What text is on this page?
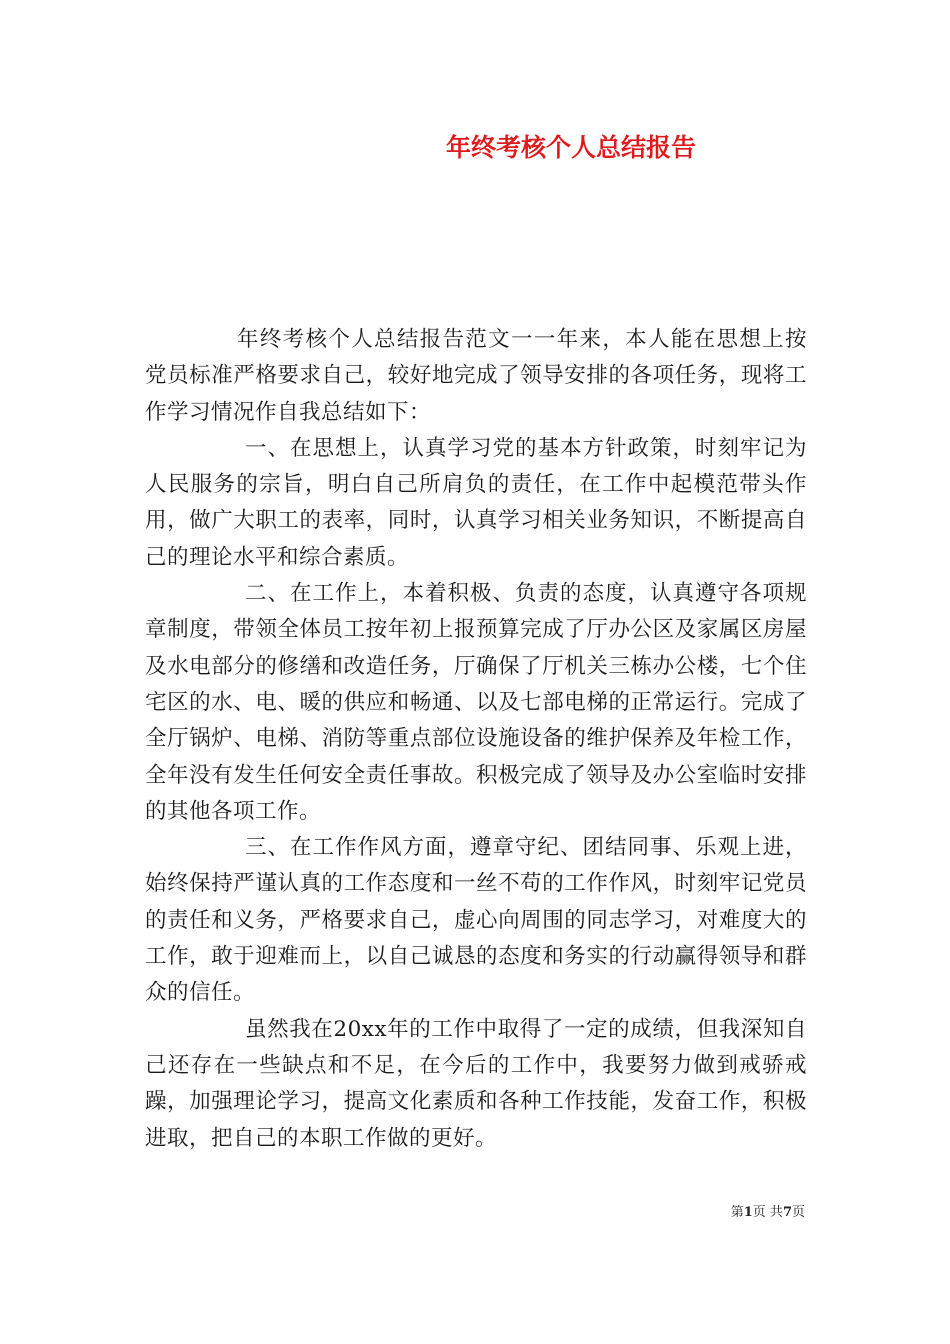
年终考核个人总结报告

年终考核个人总结报告范文一一年来，本人能在思想上按党员标准严格要求自己，较好地完成了领导安排的各项任务，现将工作学习情况作自我总结如下：

一、在思想上，认真学习党的基本方针政策，时刻牢记为人民服务的宗旨，明白自己所肩负的责任，在工作中起模范带头作用，做广大职工的表率，同时，认真学习相关业务知识，不断提高自己的理论水平和综合素质。

二、在工作上，本着积极、负责的态度，认真遵守各项规章制度，带领全体员工按年初上报预算完成了厅办公区及家属区房屋及水电部分的修缮和改造任务，厅确保了厅机关三栋办公楼，七个住宅区的水、电、暖的供应和畅通、以及七部电梯的正常运行。完成了全厅锅炉、电梯、消防等重点部位设施设备的维护保养及年检工作，全年没有发生任何安全责任事故。积极完成了领导及办公室临时安排的其他各项工作。

三、在工作作风方面，遵章守纪、团结同事、乐观上进，始终保持严谨认真的工作态度和一丝不苟的工作作风，时刻牢记党员的责任和义务，严格要求自己，虚心向周围的同志学习，对难度大的工作，敢于迎难而上，以自己诚恳的态度和务实的行动赢得领导和群众的信任。

虽然我在20xx年的工作中取得了一定的成绩，但我深知自己还存在一些缺点和不足，在今后的工作中，我要努力做到戒骄戒躁，加强理论学习，提高文化素质和各种工作技能，发奋工作，积极进取，把自己的本职工作做的更好。

第1页 共7页
